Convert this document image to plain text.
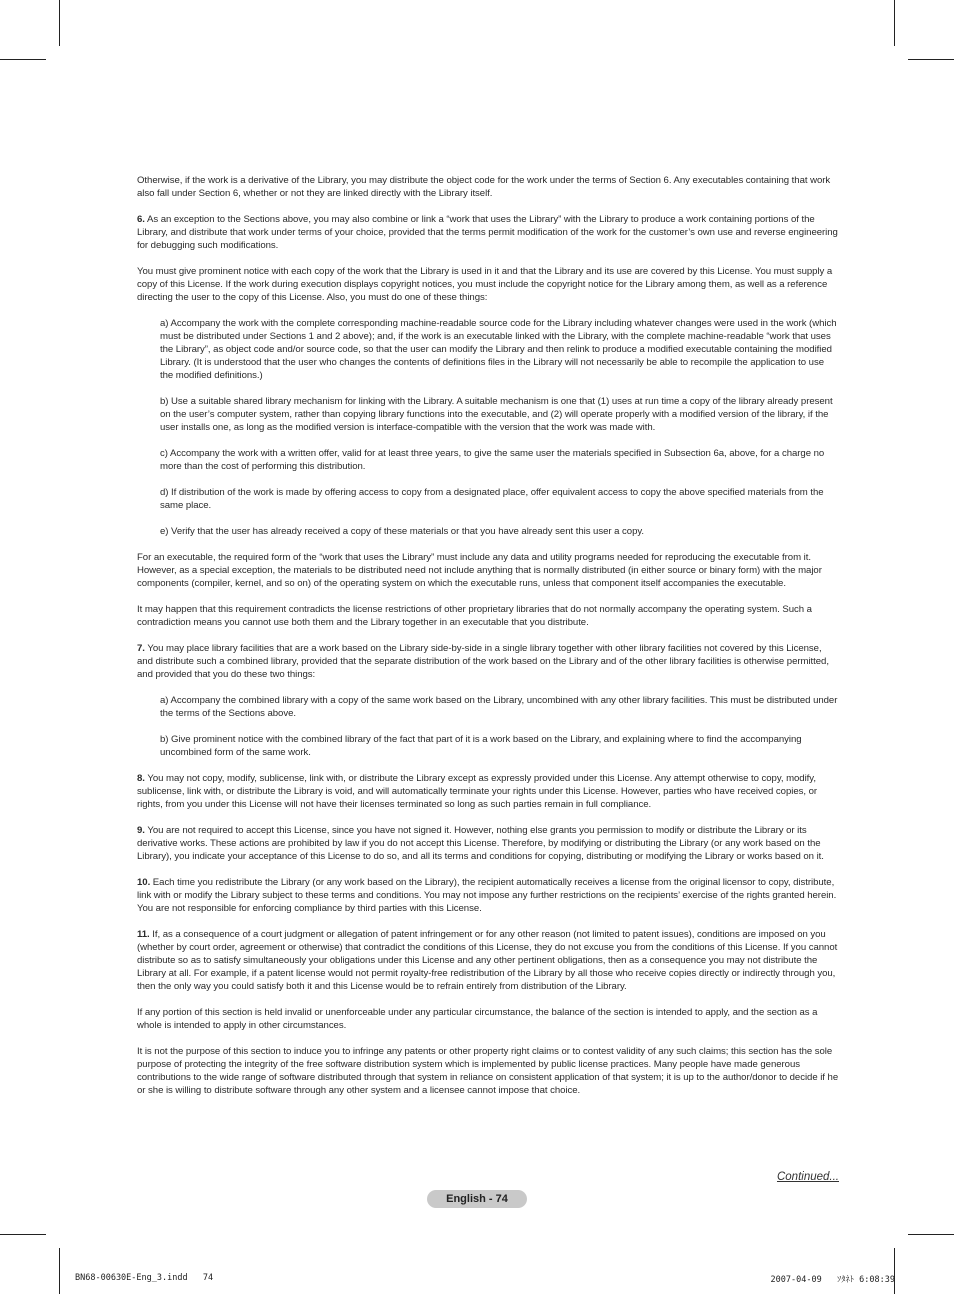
Otherwise, if the work is a derivative of the Library, you may distribute the object code for the work under the terms of Section 6. Any executables containing that work also fall under Section 6, whether or not they are linked directly with the Library itself.

6. As an exception to the Sections above, you may also combine or link a “work that uses the Library” with the Library to produce a work containing portions of the Library, and distribute that work under terms of your choice, provided that the terms permit modification of the work for the customer’s own use and reverse engineering for debugging such modifications.

You must give prominent notice with each copy of the work that the Library is used in it and that the Library and its use are covered by this License. You must supply a copy of this License. If the work during execution displays copyright notices, you must include the copyright notice for the Library among them, as well as a reference directing the user to the copy of this License. Also, you must do one of these things:

a) Accompany the work with the complete corresponding machine-readable source code for the Library including whatever changes were used in the work (which must be distributed under Sections 1 and 2 above); and, if the work is an executable linked with the Library, with the complete machine-readable “work that uses the Library”, as object code and/or source code, so that the user can modify the Library and then relink to produce a modified executable containing the modified Library. (It is understood that the user who changes the contents of definitions files in the Library will not necessarily be able to recompile the application to use the modified definitions.)

b) Use a suitable shared library mechanism for linking with the Library. A suitable mechanism is one that (1) uses at run time a copy of the library already present on the user’s computer system, rather than copying library functions into the executable, and (2) will operate properly with a modified version of the library, if the user installs one, as long as the modified version is interface-compatible with the version that the work was made with.

c) Accompany the work with a written offer, valid for at least three years, to give the same user the materials specified in Subsection 6a, above, for a charge no more than the cost of performing this distribution.

d) If distribution of the work is made by offering access to copy from a designated place, offer equivalent access to copy the above specified materials from the same place.

e) Verify that the user has already received a copy of these materials or that you have already sent this user a copy.

For an executable, the required form of the “work that uses the Library” must include any data and utility programs needed for reproducing the executable from it. However, as a special exception, the materials to be distributed need not include anything that is normally distributed (in either source or binary form) with the major components (compiler, kernel, and so on) of the operating system on which the executable runs, unless that component itself accompanies the executable.

It may happen that this requirement contradicts the license restrictions of other proprietary libraries that do not normally accompany the operating system. Such a contradiction means you cannot use both them and the Library together in an executable that you distribute.

7. You may place library facilities that are a work based on the Library side-by-side in a single library together with other library facilities not covered by this License, and distribute such a combined library, provided that the separate distribution of the work based on the Library and of the other library facilities is otherwise permitted, and provided that you do these two things:

a) Accompany the combined library with a copy of the same work based on the Library, uncombined with any other library facilities. This must be distributed under the terms of the Sections above.

b) Give prominent notice with the combined library of the fact that part of it is a work based on the Library, and explaining where to find the accompanying uncombined form of the same work.

8. You may not copy, modify, sublicense, link with, or distribute the Library except as expressly provided under this License. Any attempt otherwise to copy, modify, sublicense, link with, or distribute the Library is void, and will automatically terminate your rights under this License. However, parties who have received copies, or rights, from you under this License will not have their licenses terminated so long as such parties remain in full compliance.

9. You are not required to accept this License, since you have not signed it. However, nothing else grants you permission to modify or distribute the Library or its derivative works. These actions are prohibited by law if you do not accept this License. Therefore, by modifying or distributing the Library (or any work based on the Library), you indicate your acceptance of this License to do so, and all its terms and conditions for copying, distributing or modifying the Library or works based on it.

10. Each time you redistribute the Library (or any work based on the Library), the recipient automatically receives a license from the original licensor to copy, distribute, link with or modify the Library subject to these terms and conditions. You may not impose any further restrictions on the recipients’ exercise of the rights granted herein. You are not responsible for enforcing compliance by third parties with this License.

11. If, as a consequence of a court judgment or allegation of patent infringement or for any other reason (not limited to patent issues), conditions are imposed on you (whether by court order, agreement or otherwise) that contradict the conditions of this License, they do not excuse you from the conditions of this License. If you cannot distribute so as to satisfy simultaneously your obligations under this License and any other pertinent obligations, then as a consequence you may not distribute the Library at all. For example, if a patent license would not permit royalty-free redistribution of the Library by all those who receive copies directly or indirectly through you, then the only way you could satisfy both it and this License would be to refrain entirely from distribution of the Library.

If any portion of this section is held invalid or unenforceable under any particular circumstance, the balance of the section is intended to apply, and the section as a whole is intended to apply in other circumstances.

It is not the purpose of this section to induce you to infringe any patents or other property right claims or to contest validity of any such claims; this section has the sole purpose of protecting the integrity of the free software distribution system which is implemented by public license practices. Many people have made generous contributions to the wide range of software distributed through that system in reliance on consistent application of that system; it is up to the author/donor to decide if he or she is willing to distribute software through any other system and a licensee cannot impose that choice.

Continued...
English - 74
BN68-00630E-Eng_3.indd   74	2007-04-09   ｿﾀﾈﾄ 6:08:39
